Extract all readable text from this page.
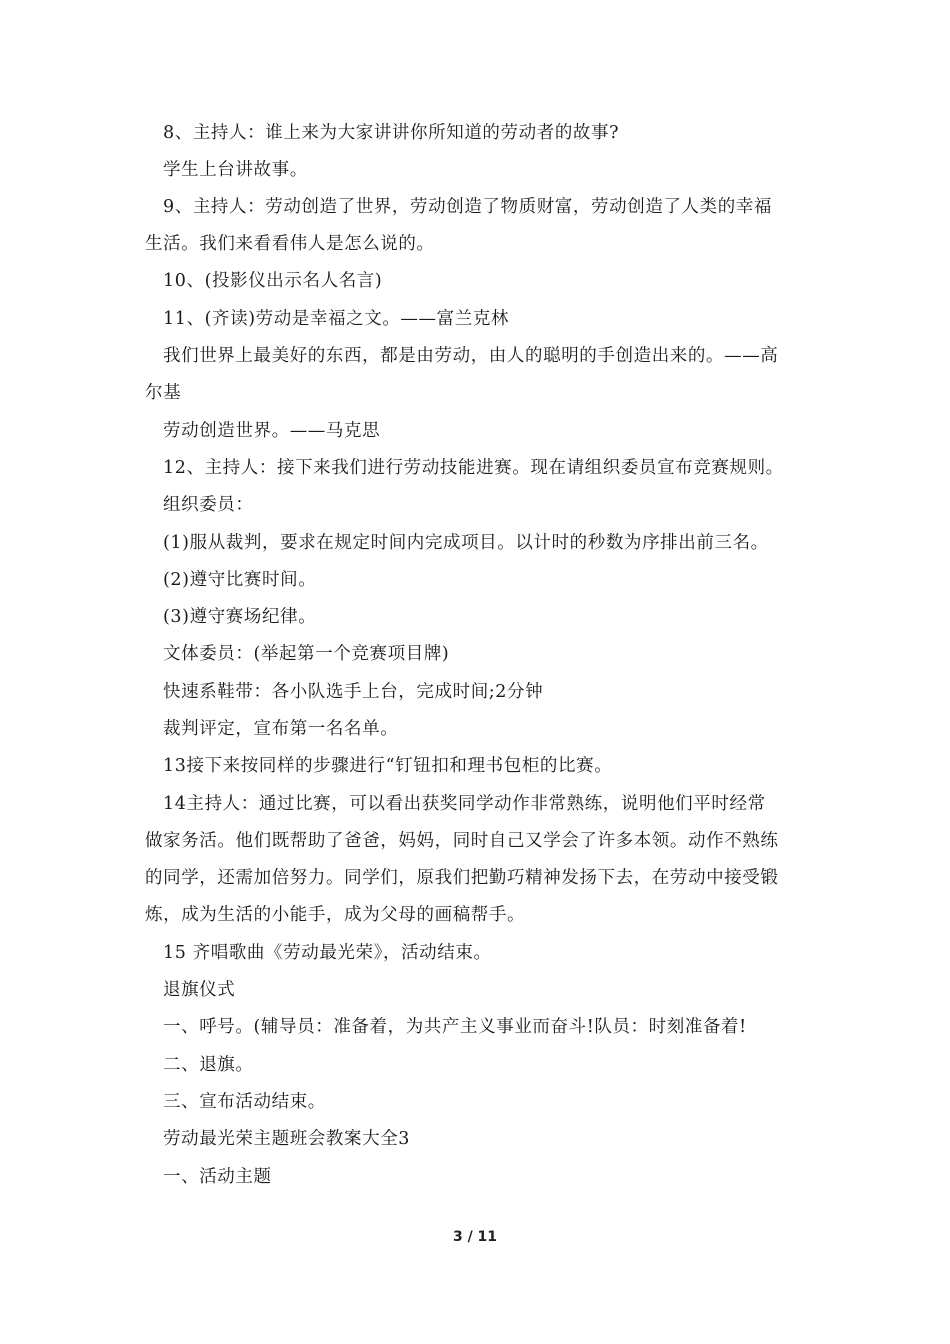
8、主持人：谁上来为大家讲讲你所知道的劳动者的故事?
学生上台讲故事。
9、主持人：劳动创造了世界，劳动创造了物质财富，劳动创造了人类的幸福
生活。我们来看看伟人是怎么说的。
10、(投影仪出示名人名言)
11、(齐读)劳动是幸福之文。——富兰克林
我们世界上最美好的东西，都是由劳动，由人的聪明的手创造出来的。——高
尔基
劳动创造世界。——马克思
12、主持人：接下来我们进行劳动技能进赛。现在请组织委员宣布竞赛规则。
组织委员：
(1)服从裁判，要求在规定时间内完成项目。以计时的秒数为序排出前三名。
(2)遵守比赛时间。
(3)遵守赛场纪律。
文体委员：(举起第一个竞赛项目牌)
快速系鞋带：各小队选手上台，完成时间;2分钟
裁判评定，宣布第一名名单。
13接下来按同样的步骤进行“钉钮扣和理书包柜的比赛。
14主持人：通过比赛，可以看出获奖同学动作非常熟练，说明他们平时经常
做家务活。他们既帮助了爸爸，妈妈，同时自己又学会了许多本领。动作不熟练
的同学，还需加倍努力。同学们，原我们把勤巧精神发扬下去，在劳动中接受锻
炼，成为生活的小能手，成为父母的画稿帮手。
15 齐唱歌曲《劳动最光荣》，活动结束。
退旗仪式
一、呼号。(辅导员：准备着，为共产主义事业而奋斗!队员：时刻准备着!
二、退旗。
三、宣布活动结束。
劳动最光荣主题班会教案大全3
一、活动主题
3 / 11
